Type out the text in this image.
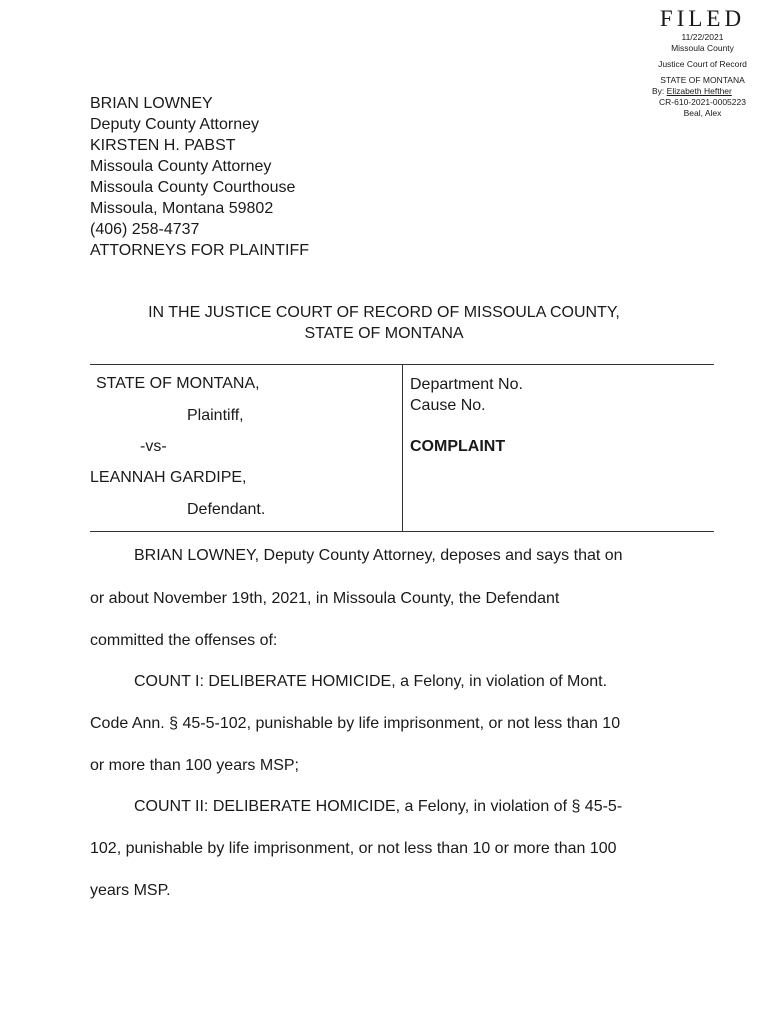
FILED
11/22/2021
Missoula County
Justice Court of Record
STATE OF MONTANA
By: Elizabeth Hefther
CR-610-2021-0005223
Beal, Alex
BRIAN LOWNEY
Deputy County Attorney
KIRSTEN H. PABST
Missoula County Attorney
Missoula County Courthouse
Missoula, Montana 59802
(406) 258-4737
ATTORNEYS FOR PLAINTIFF
IN THE JUSTICE COURT OF RECORD OF MISSOULA COUNTY,
STATE OF MONTANA
STATE OF MONTANA,
Plaintiff,
-vs-
LEANNAH GARDIPE,
Defendant.
Department No.
Cause No.
COMPLAINT
BRIAN LOWNEY, Deputy County Attorney, deposes and says that on
or about November 19th, 2021, in Missoula County, the Defendant
committed the offenses of:
COUNT I: DELIBERATE HOMICIDE, a Felony, in violation of Mont.
Code Ann. § 45-5-102, punishable by life imprisonment, or not less than 10
or more than 100 years MSP;
COUNT II: DELIBERATE HOMICIDE, a Felony, in violation of § 45-5-
102, punishable by life imprisonment, or not less than 10 or more than 100
years MSP.
